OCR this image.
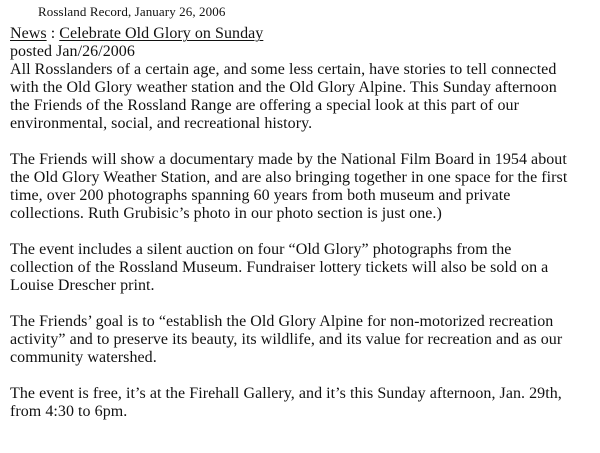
Rossland Record, January 26, 2006
News : Celebrate Old Glory on Sunday
posted Jan/26/2006
All Rosslanders of a certain age, and some less certain, have stories to tell connected
with the Old Glory weather station and the Old Glory Alpine. This Sunday afternoon
the Friends of the Rossland Range are offering a special look at this part of our
environmental, social, and recreational history.
The Friends will show a documentary made by the National Film Board in 1954 about
the Old Glory Weather Station, and are also bringing together in one space for the first
time, over 200 photographs spanning 60 years from both museum and private
collections. Ruth Grubisic’s photo in our photo section is just one.)
The event includes a silent auction on four “Old Glory” photographs from the
collection of the Rossland Museum. Fundraiser lottery tickets will also be sold on a
Louise Drescher print.
The Friends’ goal is to “establish the Old Glory Alpine for non-motorized recreation
activity” and to preserve its beauty, its wildlife, and its value for recreation and as our
community watershed.
The event is free, it’s at the Firehall Gallery, and it’s this Sunday afternoon, Jan. 29th,
from 4:30 to 6pm.
